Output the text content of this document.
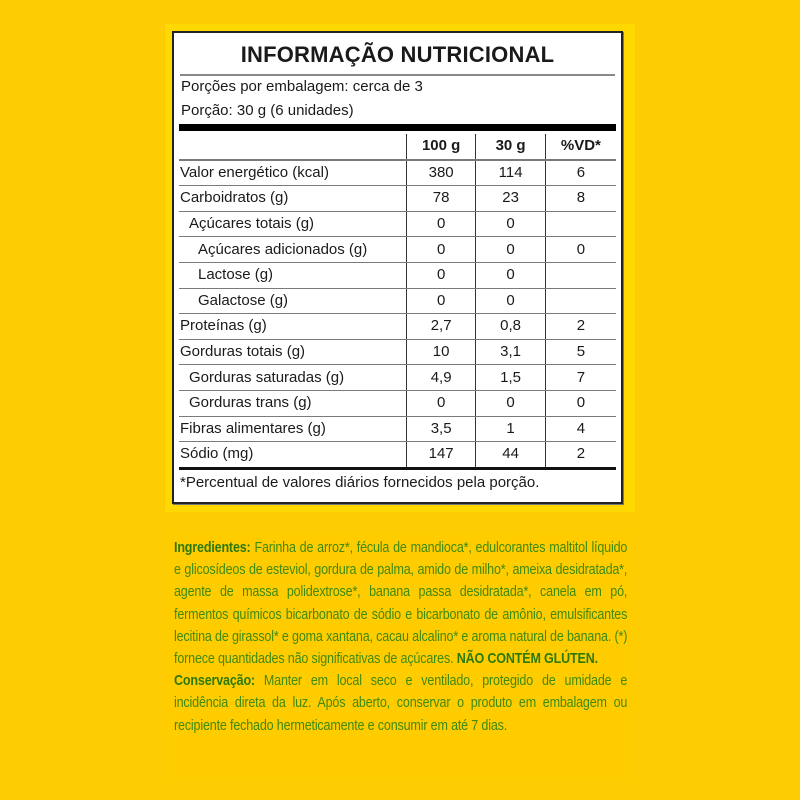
INFORMAÇÃO NUTRICIONAL
Porções por embalagem: cerca de 3
Porção: 30 g (6 unidades)
	100 g	30 g	%VD*
Valor energético (kcal)	380	114	6
Carboidratos (g)	78	23	8
Açúcares totais (g)	0	0	
Açúcares adicionados (g)	0	0	0
Lactose (g)	0	0	
Galactose (g)	0	0	
Proteínas (g)	2,7	0,8	2
Gorduras totais (g)	10	3,1	5
Gorduras saturadas (g)	4,9	1,5	7
Gorduras trans (g)	0	0	0
Fibras alimentares (g)	3,5	1	4
Sódio (mg)	147	44	2
*Percentual de valores diários fornecidos pela porção.
Ingredientes: Farinha de arroz*, fécula de mandioca*, edulcorantes maltitol líquido e glicosídeos de esteviol, gordura de palma, amido de milho*, ameixa desidratada*, agente de massa polidextrose*, banana passa desidratada*, canela em pó, fermentos químicos bicarbonato de sódio e bicarbonato de amônio, emulsificantes lecitina de girassol* e goma xantana, cacau alcalino* e aroma natural de banana. (*) fornece quantidades não significativas de açúcares. NÃO CONTÉM GLÚTEN.
Conservação: Manter em local seco e ventilado, protegido de umidade e incidência direta da luz. Após aberto, conservar o produto em embalagem ou recipiente fechado hermeticamente e consumir em até 7 dias.
